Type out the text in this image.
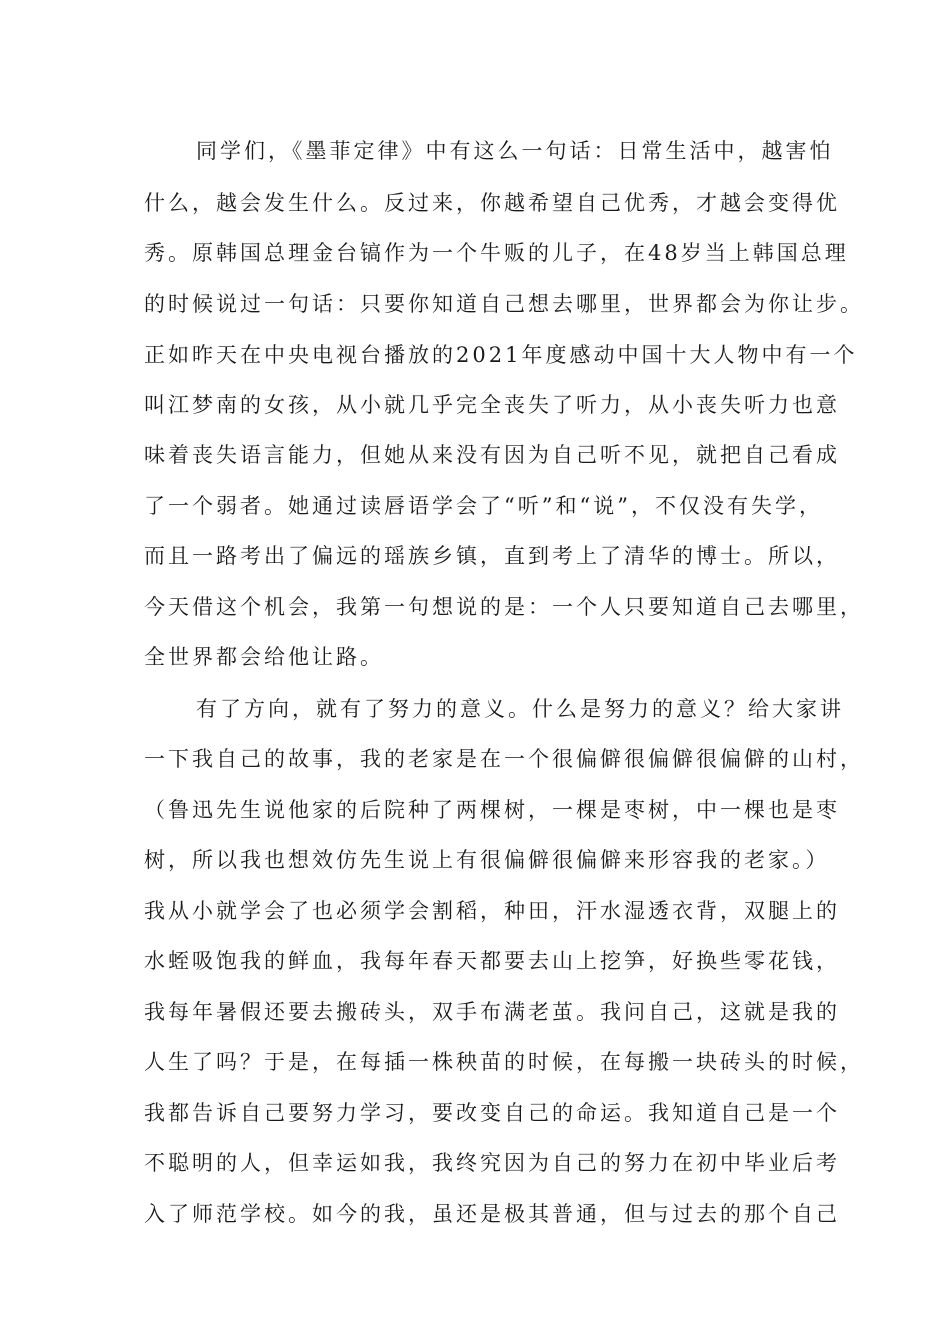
同学们，《墨菲定律》中有这么一句话：日常生活中，越害怕
什么，越会发生什么。反过来，你越希望自己优秀，才越会变得优
秀。原韩国总理金台镐作为一个牛贩的儿子，在48岁当上韩国总理
的时候说过一句话：只要你知道自己想去哪里，世界都会为你让步。
正如昨天在中央电视台播放的2021年度感动中国十大人物中有一个
叫江梦南的女孩，从小就几乎完全丧失了听力，从小丧失听力也意
味着丧失语言能力，但她从来没有因为自己听不见，就把自己看成
了一个弱者。她通过读唇语学会了“听”和“说”，不仅没有失学，
而且一路考出了偏远的瑶族乡镇，直到考上了清华的博士。所以，
今天借这个机会，我第一句想说的是：一个人只要知道自己去哪里，
全世界都会给他让路。
有了方向，就有了努力的意义。什么是努力的意义？给大家讲
一下我自己的故事，我的老家是在一个很偏僻很偏僻很偏僻的山村，
（鲁迅先生说他家的后院种了两棵树，一棵是枣树，中一棵也是枣
树，所以我也想效仿先生说上有很偏僻很偏僻来形容我的老家。）
我从小就学会了也必须学会割稻，种田，汗水湿透衣背，双腿上的
水蛭吸饱我的鲜血，我每年春天都要去山上挖笋，好换些零花钱，
我每年暑假还要去搬砖头，双手布满老茧。我问自己，这就是我的
人生了吗？于是，在每插一株秧苗的时候，在每搬一块砖头的时候，
我都告诉自己要努力学习，要改变自己的命运。我知道自己是一个
不聪明的人，但幸运如我，我终究因为自己的努力在初中毕业后考
入了师范学校。如今的我，虽还是极其普通，但与过去的那个自己
